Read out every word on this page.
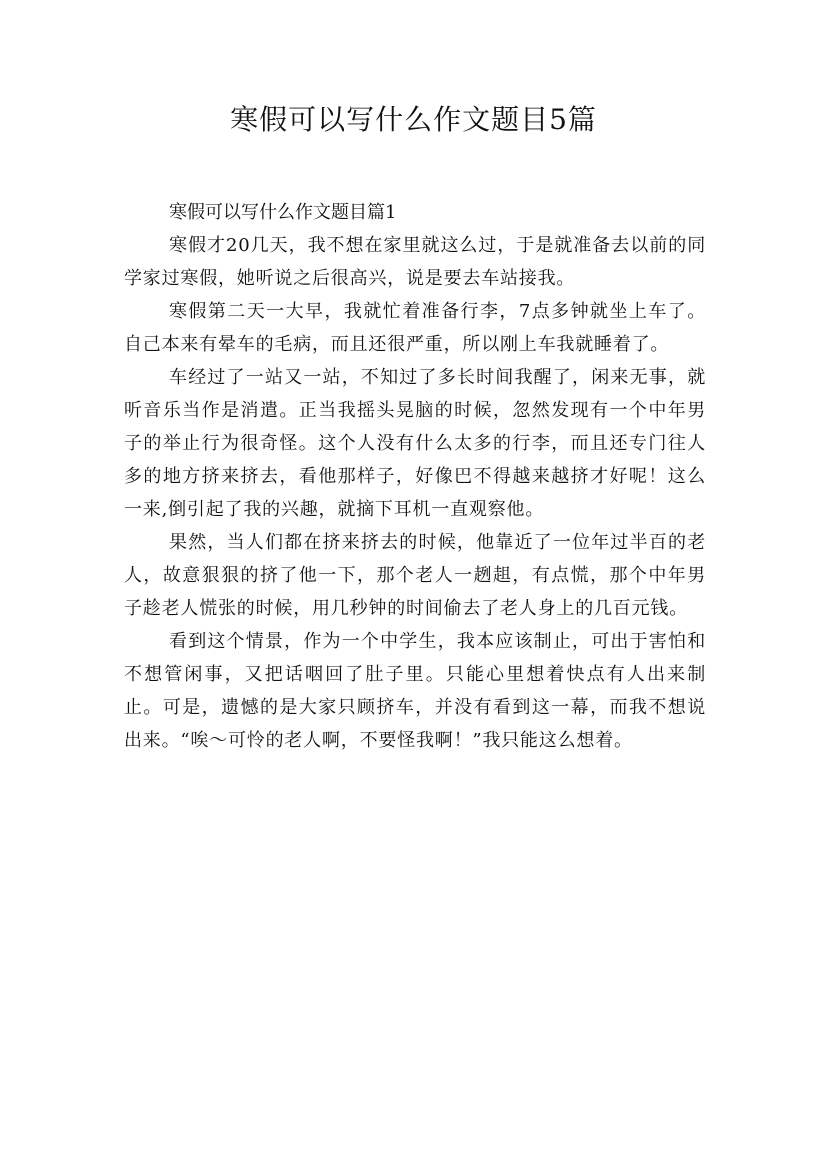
寒假可以写什么作文题目5篇

寒假可以写什么作文题目篇1

寒假才20几天，我不想在家里就这么过，于是就准备去以前的同学家过寒假，她听说之后很高兴，说是要去车站接我。

寒假第二天一大早，我就忙着准备行李，7点多钟就坐上车了。自己本来有晕车的毛病，而且还很严重，所以刚上车我就睡着了。

车经过了一站又一站，不知过了多长时间我醒了，闲来无事，就听音乐当作是消遣。正当我摇头晃脑的时候，忽然发现有一个中年男子的举止行为很奇怪。这个人没有什么太多的行李，而且还专门往人多的地方挤来挤去，看他那样子，好像巴不得越来越挤才好呢！这么一来,倒引起了我的兴趣，就摘下耳机一直观察他。

果然，当人们都在挤来挤去的时候，他靠近了一位年过半百的老人，故意狠狠的挤了他一下，那个老人一趔趄，有点慌，那个中年男子趁老人慌张的时候，用几秒钟的时间偷去了老人身上的几百元钱。

看到这个情景，作为一个中学生，我本应该制止，可出于害怕和不想管闲事，又把话咽回了肚子里。只能心里想着快点有人出来制止。可是，遗憾的是大家只顾挤车，并没有看到这一幕，而我不想说出来。“唉～可怜的老人啊，不要怪我啊！”我只能这么想着。
